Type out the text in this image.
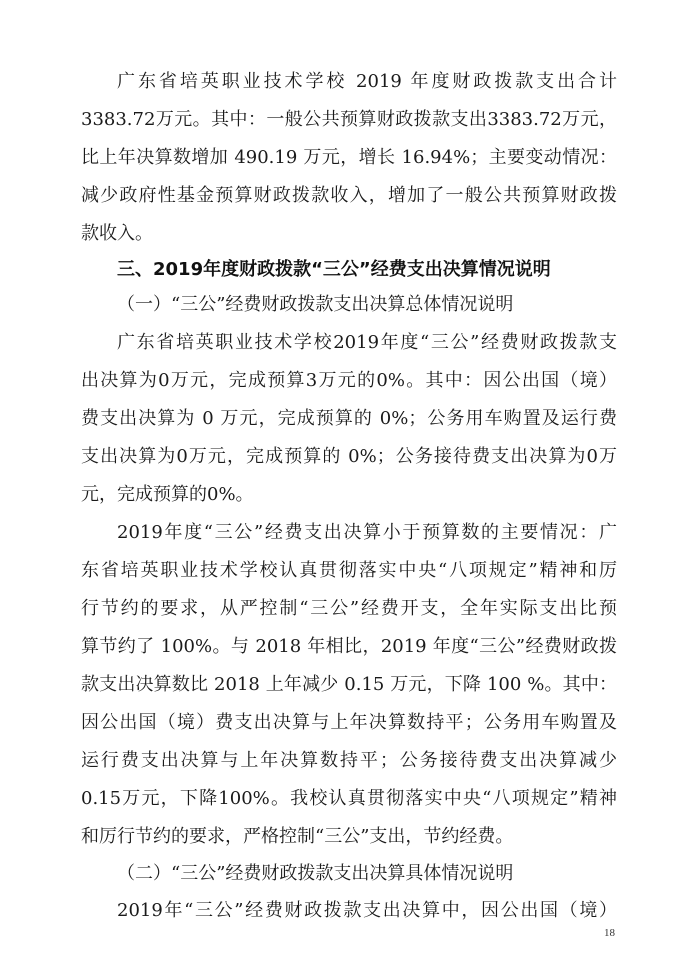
广东省培英职业技术学校 2019 年度财政拨款支出合计
3383.72万元。其中：一般公共预算财政拨款支出3383.72万元，
比上年决算数增加 490.19 万元，增长 16.94%；主要变动情况：
减少政府性基金预算财政拨款收入，增加了一般公共预算财政拨
款收入。
三、2019年度财政拨款“三公”经费支出决算情况说明
（一）“三公”经费财政拨款支出决算总体情况说明
广东省培英职业技术学校2019年度“三公”经费财政拨款支
出决算为0万元，完成预算3万元的0%。其中：因公出国（境）
费支出决算为 0 万元，完成预算的 0%；公务用车购置及运行费
支出决算为0万元，完成预算的 0%；公务接待费支出决算为0万
元，完成预算的0%。
2019年度“三公”经费支出决算小于预算数的主要情况：广
东省培英职业技术学校认真贯彻落实中央“八项规定”精神和厉
行节约的要求，从严控制“三公”经费开支，全年实际支出比预
算节约了 100%。与 2018 年相比，2019 年度“三公”经费财政拨
款支出决算数比 2018 上年减少 0.15 万元，下降 100 %。其中：
因公出国（境）费支出决算与上年决算数持平；公务用车购置及
运行费支出决算与上年决算数持平；公务接待费支出决算减少
0.15万元，下降100%。我校认真贯彻落实中央“八项规定”精神
和厉行节约的要求，严格控制“三公”支出，节约经费。
（二）“三公”经费财政拨款支出决算具体情况说明
2019年“三公”经费财政拨款支出决算中，因公出国（境）
18
